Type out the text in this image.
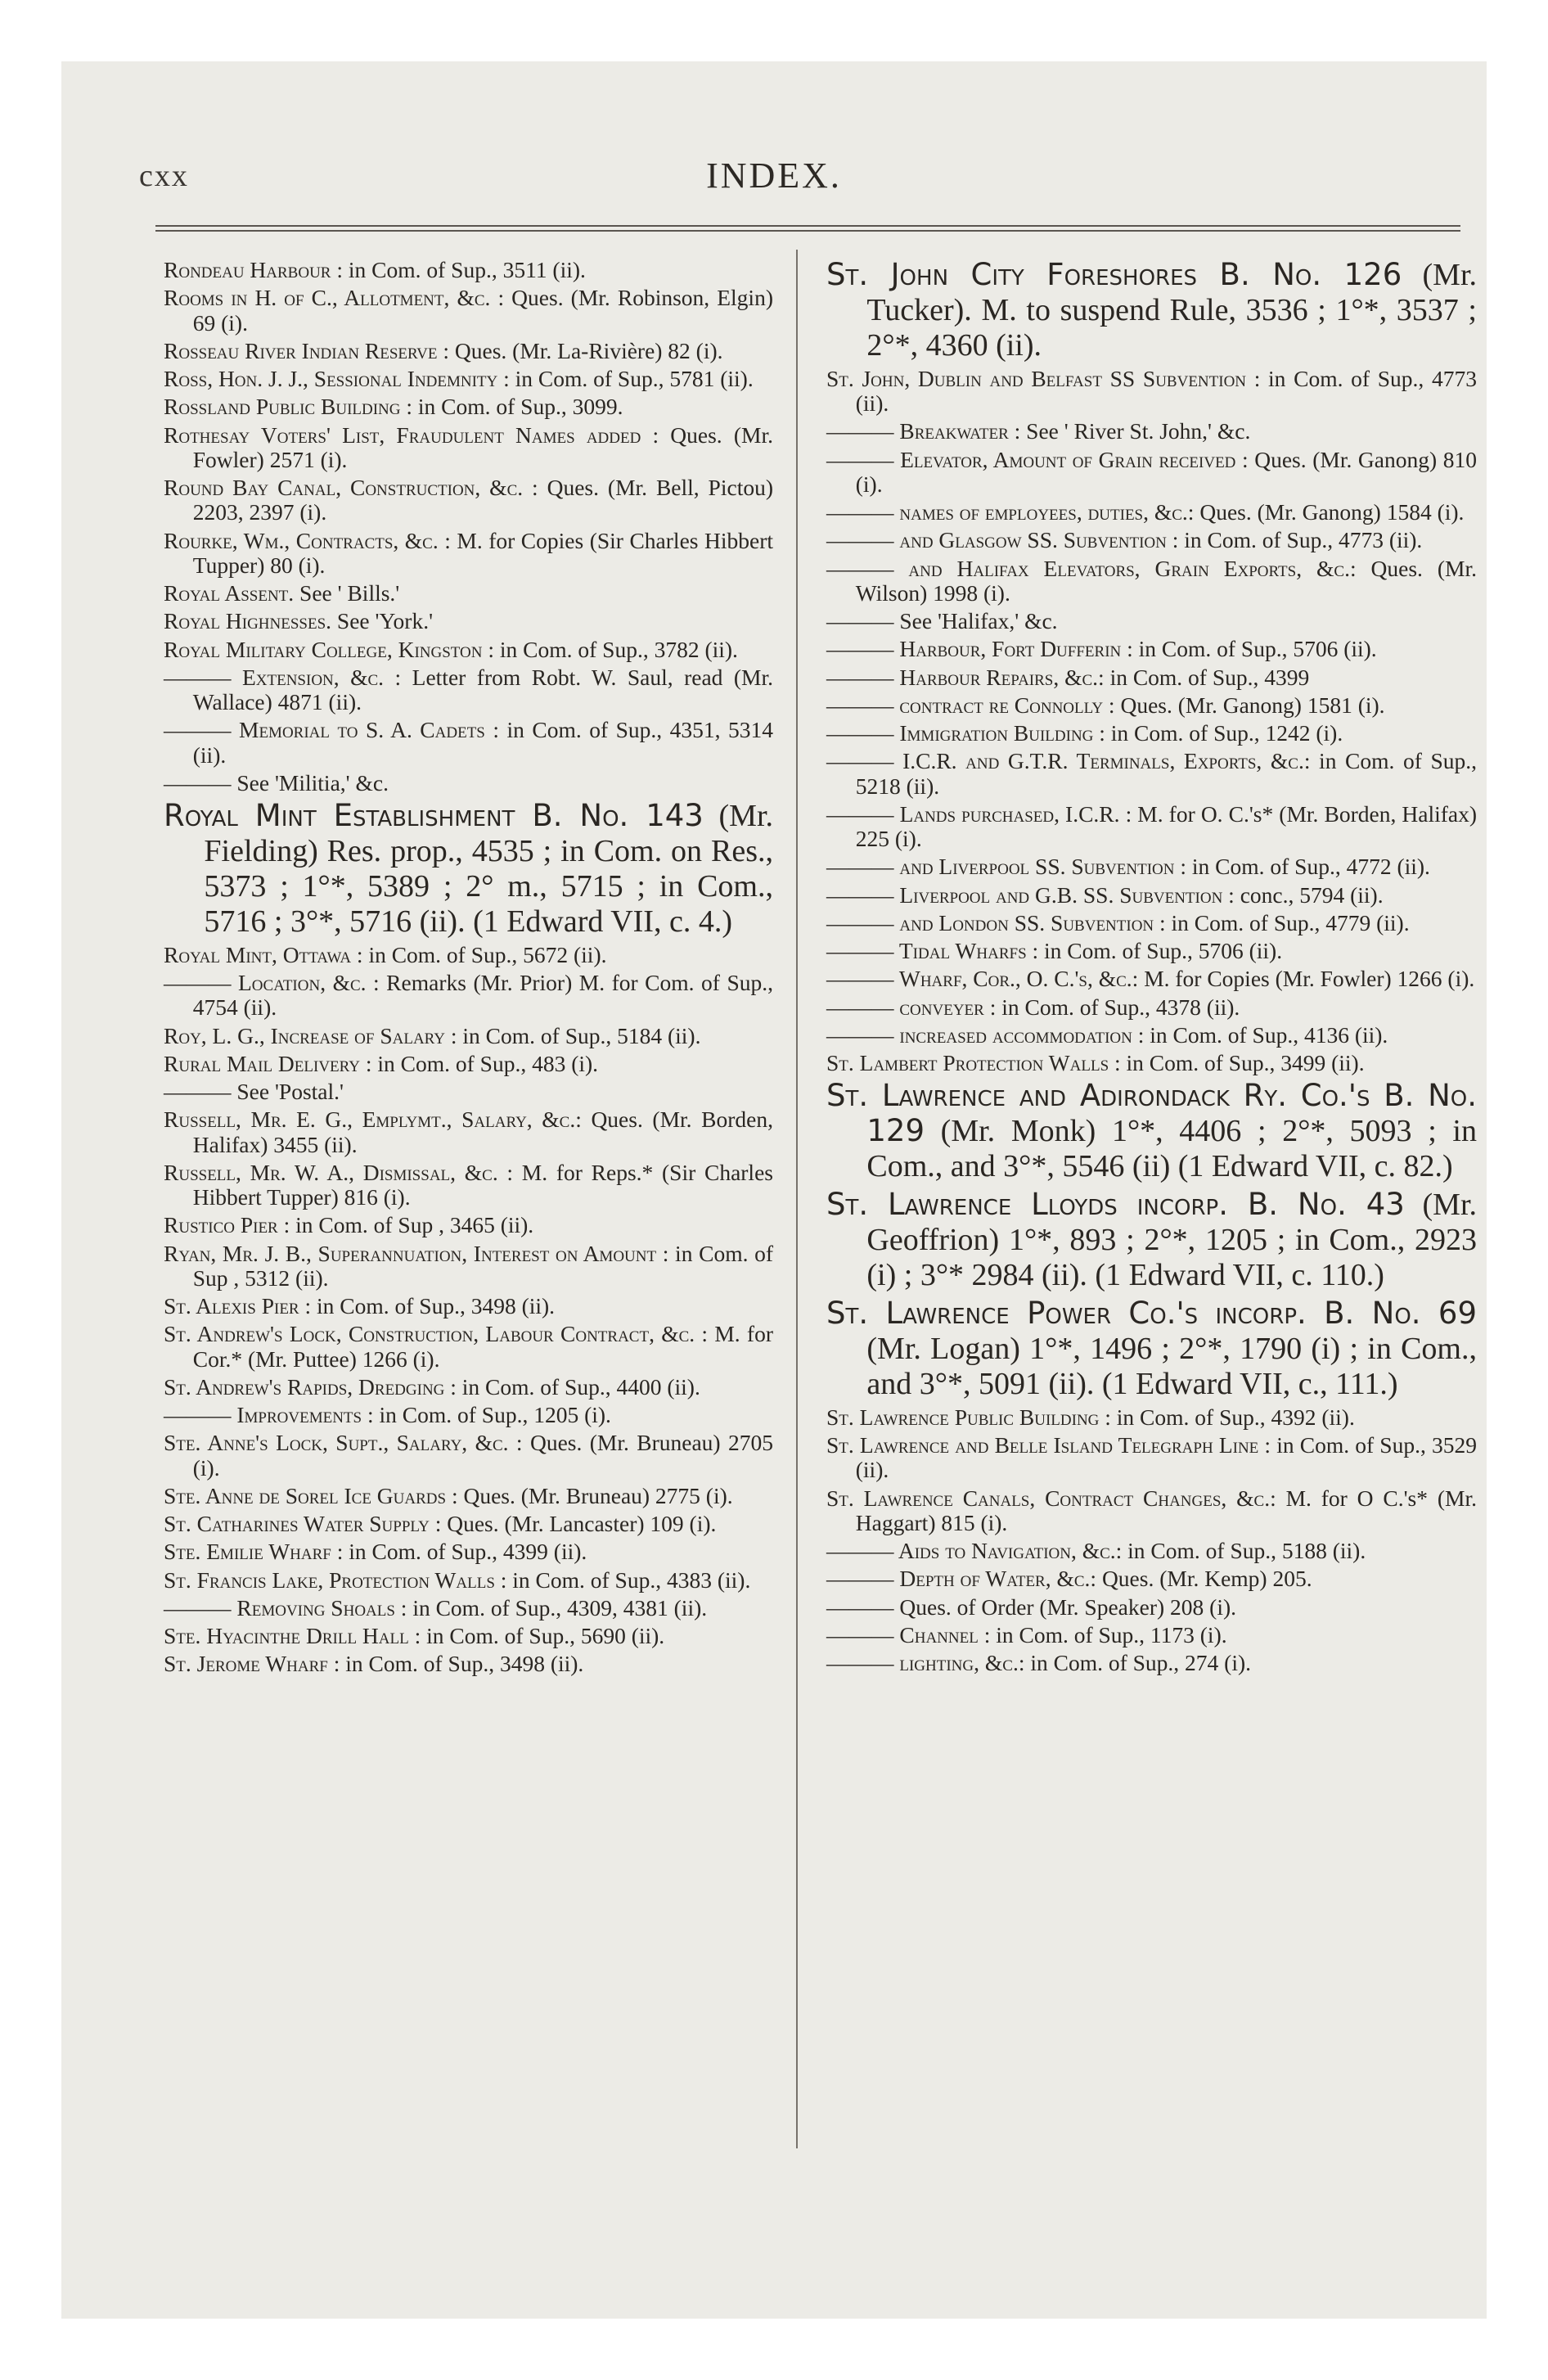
cxx	INDEX.

Rondeau Harbour : in Com. of Sup., 3511 (ii).

Rooms in H. of C., Allotment, &c. : Ques. (Mr. Robinson, Elgin) 69 (i).

Rosseau River Indian Reserve : Ques. (Mr. La-Rivière) 82 (i).

Ross, Hon. J. J., Sessional Indemnity : in Com. of Sup., 5781 (ii).

Rossland Public Building : in Com. of Sup., 3099.

Rothesay Voters' List, Fraudulent Names added : Ques. (Mr. Fowler) 2571 (i).

Round Bay Canal, Construction, &c. : Ques. (Mr. Bell, Pictou) 2203, 2397 (i).

Rourke, Wm., Contracts, &c. : M. for Copies (Sir Charles Hibbert Tupper) 80 (i).

Royal Assent. See ' Bills.'

Royal Highnesses. See 'York.'

Royal Military College, Kingston : in Com. of Sup., 3782 (ii).

——— Extension, &c. : Letter from Robt. W. Saul, read (Mr. Wallace) 4871 (ii).

——— Memorial to S. A. Cadets : in Com. of Sup., 4351, 5314 (ii).

——— See 'Militia,' &c.

Royal Mint Establishment B. No. 143 (Mr. Fielding) Res. prop., 4535 ; in Com. on Res., 5373 ; 1°*, 5389 ; 2° m., 5715 ; in Com., 5716 ; 3°*, 5716 (ii). (1 Edward VII, c. 4.)

Royal Mint, Ottawa : in Com. of Sup., 5672 (ii).

——— Location, &c. : Remarks (Mr. Prior) M. for Com. of Sup., 4754 (ii).

Roy, L. G., Increase of Salary : in Com. of Sup., 5184 (ii).

Rural Mail Delivery : in Com. of Sup., 483 (i).

——— See 'Postal.'

Russell, Mr. E. G., Emplymt., Salary, &c.: Ques. (Mr. Borden, Halifax) 3455 (ii).

Russell, Mr. W. A., Dismissal, &c. : M. for Reps.* (Sir Charles Hibbert Tupper) 816 (i).

Rustico Pier : in Com. of Sup , 3465 (ii).

Ryan, Mr. J. B., Superannuation, Interest on Amount : in Com. of Sup , 5312 (ii).

St. Alexis Pier : in Com. of Sup., 3498 (ii).

St. Andrew's Lock, Construction, Labour Contract, &c. : M. for Cor.* (Mr. Puttee) 1266 (i).

St. Andrew's Rapids, Dredging : in Com. of Sup., 4400 (ii).

——— Improvements : in Com. of Sup., 1205 (i).

Ste. Anne's Lock, Supt., Salary, &c. : Ques. (Mr. Bruneau) 2705 (i).

Ste. Anne de Sorel Ice Guards : Ques. (Mr. Bruneau) 2775 (i).

St. Catharines Water Supply : Ques. (Mr. Lancaster) 109 (i).

Ste. Emilie Wharf : in Com. of Sup., 4399 (ii).

St. Francis Lake, Protection Walls : in Com. of Sup., 4383 (ii).

——— Removing Shoals : in Com. of Sup., 4309, 4381 (ii).

Ste. Hyacinthe Drill Hall : in Com. of Sup., 5690 (ii).

St. Jerome Wharf : in Com. of Sup., 3498 (ii).

St. John City Foreshores B. No. 126 (Mr. Tucker). M. to suspend Rule, 3536 ; 1°*, 3537 ; 2°*, 4360 (ii).

St. John, Dublin and Belfast SS Subvention : in Com. of Sup., 4773 (ii).

——— Breakwater : See ' River St. John,' &c.

——— Elevator, Amount of Grain received : Ques. (Mr. Ganong) 810 (i).

——— names of employees, duties, &c.: Ques. (Mr. Ganong) 1584 (i).

——— and Glasgow SS. Subvention : in Com. of Sup., 4773 (ii).

——— and Halifax Elevators, Grain Exports, &c.: Ques. (Mr. Wilson) 1998 (i).

——— See 'Halifax,' &c.

——— Harbour, Fort Dufferin : in Com. of Sup., 5706 (ii).

——— Harbour Repairs, &c.: in Com. of Sup., 4399

——— contract re Connolly : Ques. (Mr. Ganong) 1581 (i).

——— Immigration Building : in Com. of Sup., 1242 (i).

——— I.C.R. and G.T.R. Terminals, Exports, &c.: in Com. of Sup., 5218 (ii).

——— Lands purchased, I.C.R. : M. for O. C.'s* (Mr. Borden, Halifax) 225 (i).

——— and Liverpool SS. Subvention : in Com. of Sup., 4772 (ii).

——— Liverpool and G.B. SS. Subvention : conc., 5794 (ii).

——— and London SS. Subvention : in Com. of Sup., 4779 (ii).

——— Tidal Wharfs : in Com. of Sup., 5706 (ii).

——— Wharf, Cor., O. C.'s, &c.: M. for Copies (Mr. Fowler) 1266 (i).

——— conveyer : in Com. of Sup., 4378 (ii).

——— increased accommodation : in Com. of Sup., 4136 (ii).

St. Lambert Protection Walls : in Com. of Sup., 3499 (ii).

St. Lawrence and Adirondack Ry. Co.'s B. No. 129 (Mr. Monk) 1°*, 4406 ; 2°*, 5093 ; in Com., and 3°*, 5546 (ii) (1 Edward VII, c. 82.)

St. Lawrence Lloyds incorp. B. No. 43 (Mr. Geoffrion) 1°*, 893 ; 2°*, 1205 ; in Com., 2923 (i) ; 3°* 2984 (ii). (1 Edward VII, c. 110.)

St. Lawrence Power Co.'s incorp. B. No. 69 (Mr. Logan) 1°*, 1496 ; 2°*, 1790 (i) ; in Com., and 3°*, 5091 (ii). (1 Edward VII, c., 111.)

St. Lawrence Public Building : in Com. of Sup., 4392 (ii).

St. Lawrence and Belle Island Telegraph Line : in Com. of Sup., 3529 (ii).

St. Lawrence Canals, Contract Changes, &c.: M. for O C.'s* (Mr. Haggart) 815 (i).

——— Aids to Navigation, &c.: in Com. of Sup., 5188 (ii).

——— Depth of Water, &c.: Ques. (Mr. Kemp) 205.

——— Ques. of Order (Mr. Speaker) 208 (i).

——— Channel : in Com. of Sup., 1173 (i).

——— lighting, &c.: in Com. of Sup., 274 (i).
